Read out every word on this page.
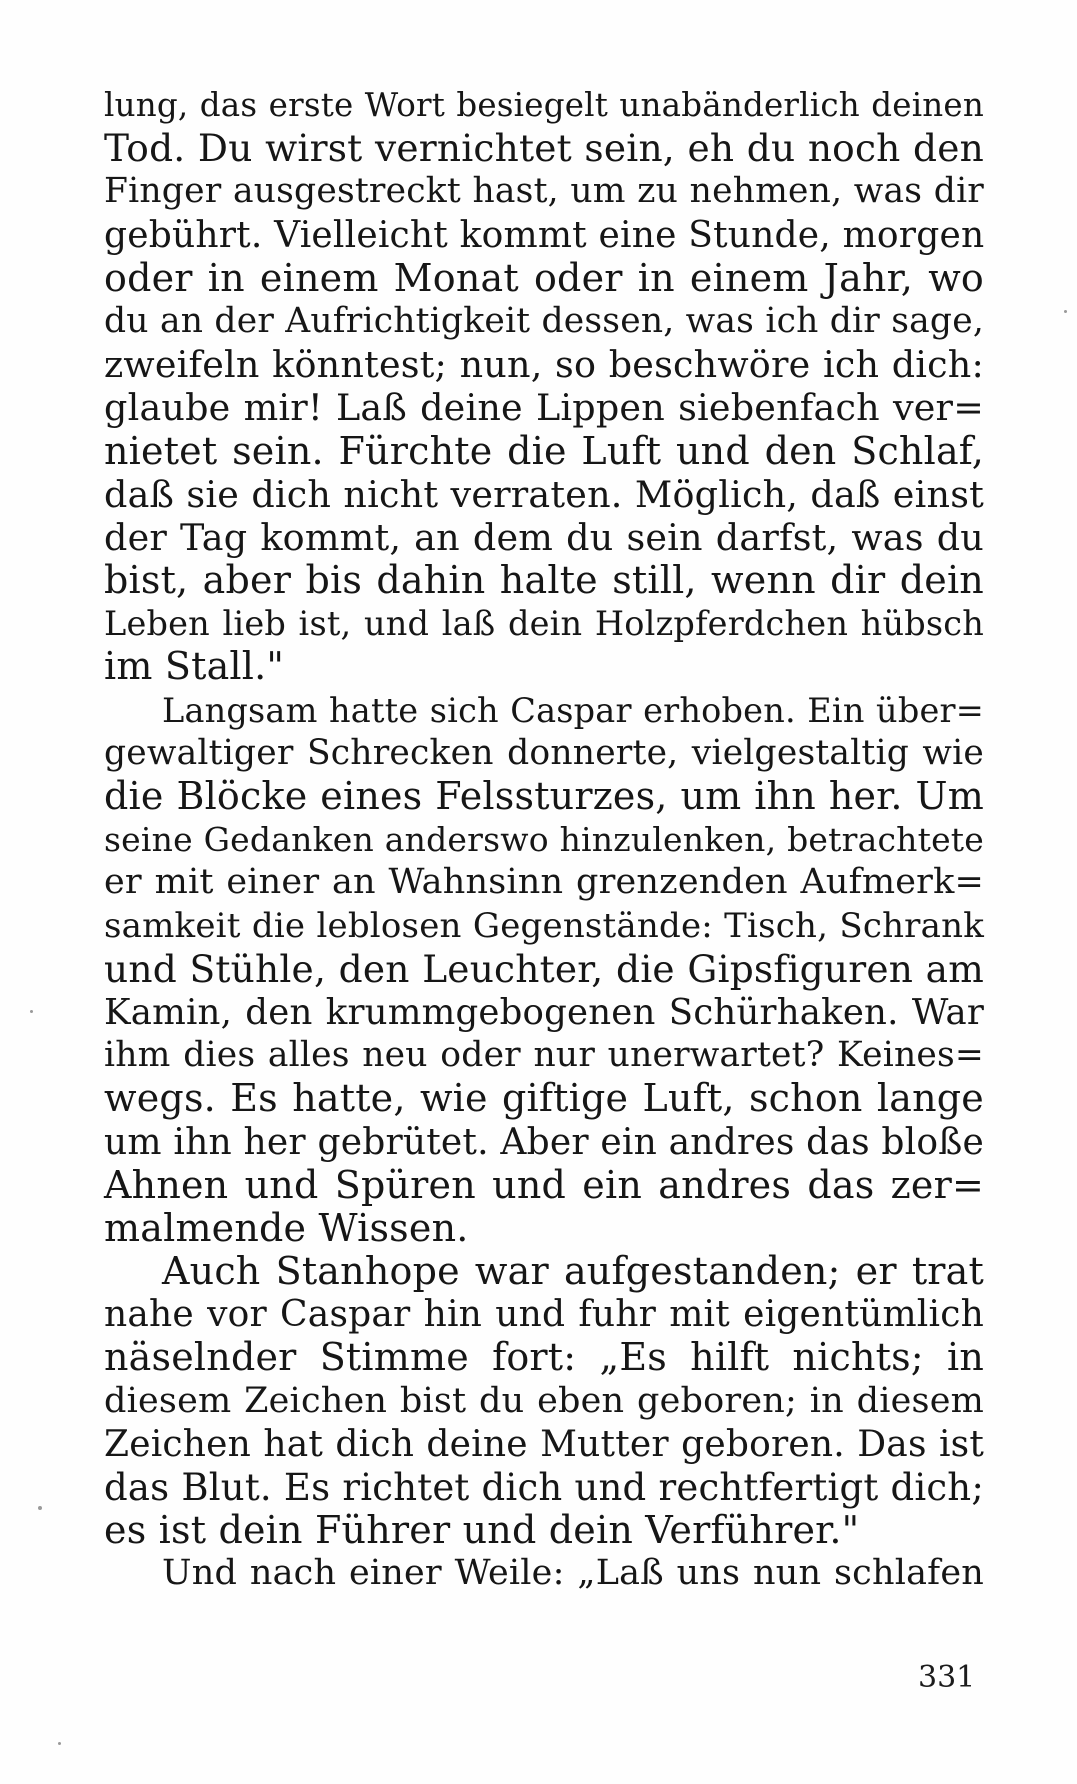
lung, das erste Wort besiegelt unabänderlich deinen
Tod. Du wirst vernichtet sein, eh du noch den
Finger ausgestreckt hast, um zu nehmen, was dir
gebührt. Vielleicht kommt eine Stunde, morgen
oder in einem Monat oder in einem Jahr, wo
du an der Aufrichtigkeit dessen, was ich dir sage,
zweifeln könntest; nun, so beschwöre ich dich:
glaube mir! Laß deine Lippen siebenfach ver=
nietet sein. Fürchte die Luft und den Schlaf,
daß sie dich nicht verraten. Möglich, daß einst
der Tag kommt, an dem du sein darfst, was du
bist, aber bis dahin halte still, wenn dir dein
Leben lieb ist, und laß dein Holzpferdchen hübsch
im Stall."
Langsam hatte sich Caspar erhoben. Ein über=
gewaltiger Schrecken donnerte, vielgestaltig wie
die Blöcke eines Felssturzes, um ihn her. Um
seine Gedanken anderswo hinzulenken, betrachtete
er mit einer an Wahnsinn grenzenden Aufmerk=
samkeit die leblosen Gegenstände: Tisch, Schrank
und Stühle, den Leuchter, die Gipsfiguren am
Kamin, den krummgebogenen Schürhaken. War
ihm dies alles neu oder nur unerwartet? Keines=
wegs. Es hatte, wie giftige Luft, schon lange
um ihn her gebrütet. Aber ein andres das bloße
Ahnen und Spüren und ein andres das zer=
malmende Wissen.
Auch Stanhope war aufgestanden; er trat
nahe vor Caspar hin und fuhr mit eigentümlich
näselnder Stimme fort: „Es hilft nichts; in
diesem Zeichen bist du eben geboren; in diesem
Zeichen hat dich deine Mutter geboren. Das ist
das Blut. Es richtet dich und rechtfertigt dich;
es ist dein Führer und dein Verführer."
Und nach einer Weile: „Laß uns nun schlafen
331
